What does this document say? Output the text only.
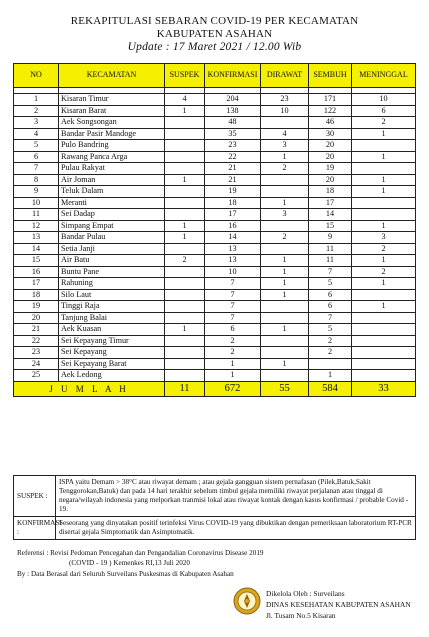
REKAPITULASI SEBARAN COVID-19 PER KECAMATAN
KABUPATEN ASAHAN
Update : 17 Maret 2021 / 12.00 Wib
NO	KECAMATAN	SUSPEK	KONFIRMASI	DIRAWAT	SEMBUH	MENINGGAL

1	Kisaran Timur	4	204	23	171	10
2	Kisaran Barat	1	138	10	122	6
3	Aek Songsongan		48		46	2
4	Bandar Pasir Mandoge		35	4	30	1
5	Pulo Bandring		23	3	20	
6	Rawang Panca Arga		22	1	20	1
7	Pulau Rakyat		21	2	19	
8	Air Joman	1	21		20	1
9	Teluk Dalam		19		18	1
10	Meranti		18	1	17	
11	Sei Dadap		17	3	14	
12	Simpang Empat	1	16		15	1
13	Bandar Pulau	1	14	2	9	3
14	Setia Janji		13		11	2
15	Air Batu	2	13	1	11	1
16	Buntu Pane		10	1	7	2
17	Rahuning		7	1	5	1
18	Silo Laut		7	1	6	
19	Tinggi Raja		7		6	1
20	Tanjung Balai		7		7	
21	Aek Kuasan	1	6	1	5	
22	Sei Kepayang Timur		2		2	
23	Sei Kepayang		2		2	
24	Sei Kepayang Barat		1	1		
25	Aek Ledong		1		1	
J U M L A H		11	672	55	584	33
SUSPEK :	ISPA yaitu Demam > 38°C atau riwayat demam ; atau gejala gangguan sistem pernafasan (Pilek,Batuk,Sakit Tenggorokan,Batuk) dan pada 14 hari terakhir sebelum timbul gejala memiliki riwayat perjalanan atau tinggal di negara/wilayah indonesia yang melporkan tranmisi lokal atau riwayat kontak dengan kasus konfirmasi / probable Covid - 19.
KONFIRMASI :	Seseorang yang dinyatakan positif terinfeksi Virus COVID-19 yang dibuktikan dengan pemeriksaan laboratorium RT-PCR disertai gejala Simptomatik dan Asimptomatik.
Referensi : Revisi Pedoman Pencegahan dan Pengandalian Coronavirus Disease 2019
(COVID - 19 ) Kemenkes RI,13 Juli 2020
By : Data Berasal dari Seluruh Surveilans Puskesmas di Kabupaten Asahan
Dikelola Oleh : Surveilans
DINAS KESEHATAN KABUPATEN ASAHAN
Jl. Tusam No.5 Kisaran
